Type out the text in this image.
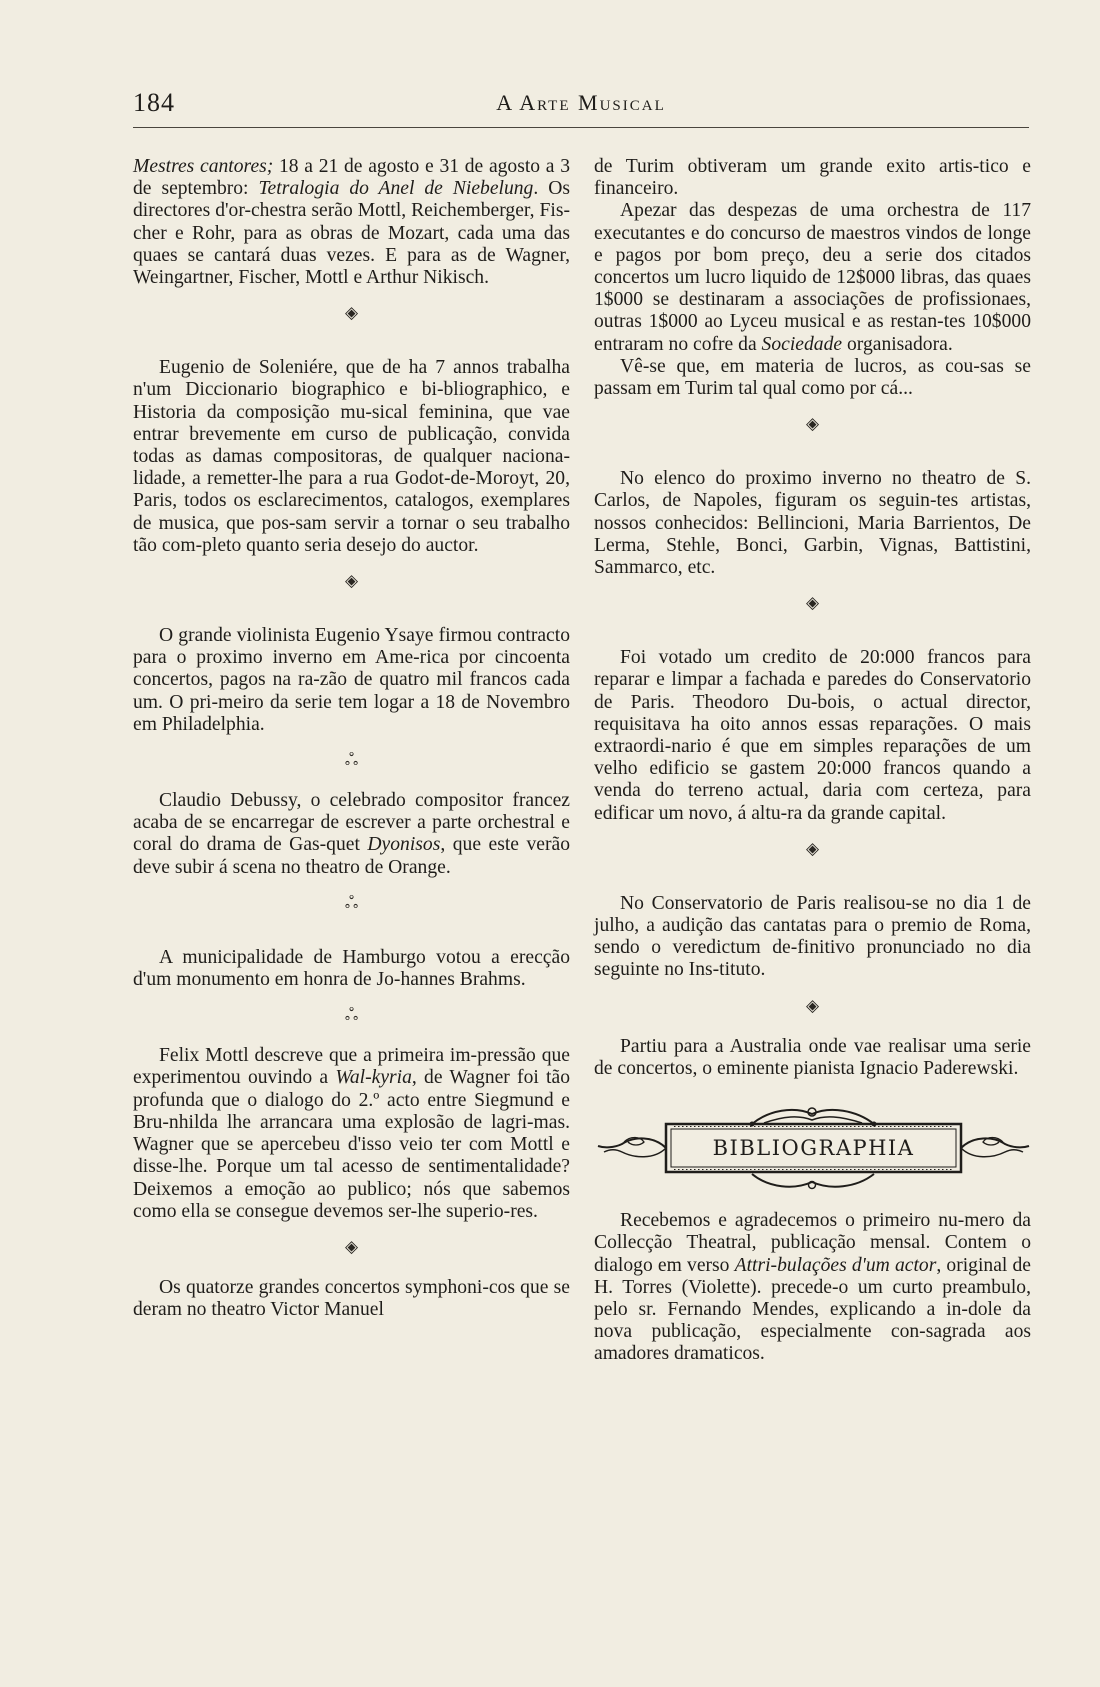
184	A Arte Musical

Mestres cantores; 18 a 21 de agosto e 31 de agosto a 3 de septembro: Tetralogia do Anel de Niebelung. Os directores d'or-chestra serão Mottl, Reichemberger, Fis-cher e Rohr, para as obras de Mozart, cada uma das quaes se cantará duas vezes. E para as de Wagner, Weingartner, Fischer, Mottl e Arthur Nikisch.

◈

Eugenio de Soleniére, que de ha 7 annos trabalha n'um Diccionario biographico e bi-bliographico, e Historia da composição mu-sical feminina, que vae entrar brevemente em curso de publicação, convida todas as damas compositoras, de qualquer naciona-lidade, a remetter-lhe para a rua Godot-de-Moroyt, 20, Paris, todos os esclarecimentos, catalogos, exemplares de musica, que pos-sam servir a tornar o seu trabalho tão com-pleto quanto seria desejo do auctor.

◈

O grande violinista Eugenio Ysaye firmou contracto para o proximo inverno em Ame-rica por cincoenta concertos, pagos na ra-zão de quatro mil francos cada um. O pri-meiro da serie tem logar a 18 de Novembro em Philadelphia.

ஃ

Claudio Debussy, o celebrado compositor francez acaba de se encarregar de escrever a parte orchestral e coral do drama de Gas-quet Dyonisos, que este verão deve subir á scena no theatro de Orange.

ஃ

A municipalidade de Hamburgo votou a erecção d'um monumento em honra de Jo-hannes Brahms.

ஃ

Felix Mottl descreve que a primeira im-pressão que experimentou ouvindo a Wal-kyria, de Wagner foi tão profunda que o dialogo do 2.º acto entre Siegmund e Bru-nhilda lhe arrancara uma explosão de lagri-mas. Wagner que se apercebeu d'isso veio ter com Mottl e disse-lhe. Porque um tal acesso de sentimentalidade? Deixemos a emoção ao publico; nós que sabemos como ella se consegue devemos ser-lhe superio-res.

◈

Os quatorze grandes concertos symphoni-cos que se deram no theatro Victor Manuel

de Turim obtiveram um grande exito artis-tico e financeiro.

Apezar das despezas de uma orchestra de 117 executantes e do concurso de maestros vindos de longe e pagos por bom preço, deu a serie dos citados concertos um lucro liquido de 12$000 libras, das quaes 1$000 se destinaram a associações de profissionaes, outras 1$000 ao Lyceu musical e as restan-tes 10$000 entraram no cofre da Sociedade organisadora.

Vê-se que, em materia de lucros, as cou-sas se passam em Turim tal qual como por cá...

◈

No elenco do proximo inverno no theatro de S. Carlos, de Napoles, figuram os seguin-tes artistas, nossos conhecidos: Bellincioni, Maria Barrientos, De Lerma, Stehle, Bonci, Garbin, Vignas, Battistini, Sammarco, etc.

◈

Foi votado um credito de 20:000 francos para reparar e limpar a fachada e paredes do Conservatorio de Paris. Theodoro Du-bois, o actual director, requisitava ha oito annos essas reparações. O mais extraordi-nario é que em simples reparações de um velho edificio se gastem 20:000 francos quando a venda do terreno actual, daria com certeza, para edificar um novo, á altu-ra da grande capital.

◈

No Conservatorio de Paris realisou-se no dia 1 de julho, a audição das cantatas para o premio de Roma, sendo o veredictum de-finitivo pronunciado no dia seguinte no Ins-tituto.

◈

Partiu para a Australia onde vae realisar uma serie de concertos, o eminente pianista Ignacio Paderewski.

BIBLIOGRAPHIA

Recebemos e agradecemos o primeiro nu-mero da Collecção Theatral, publicação mensal. Contem o dialogo em verso Attri-bulações d'um actor, original de H. Torres (Violette). precede-o um curto preambulo, pelo sr. Fernando Mendes, explicando a in-dole da nova publicação, especialmente con-sagrada aos amadores dramaticos.
